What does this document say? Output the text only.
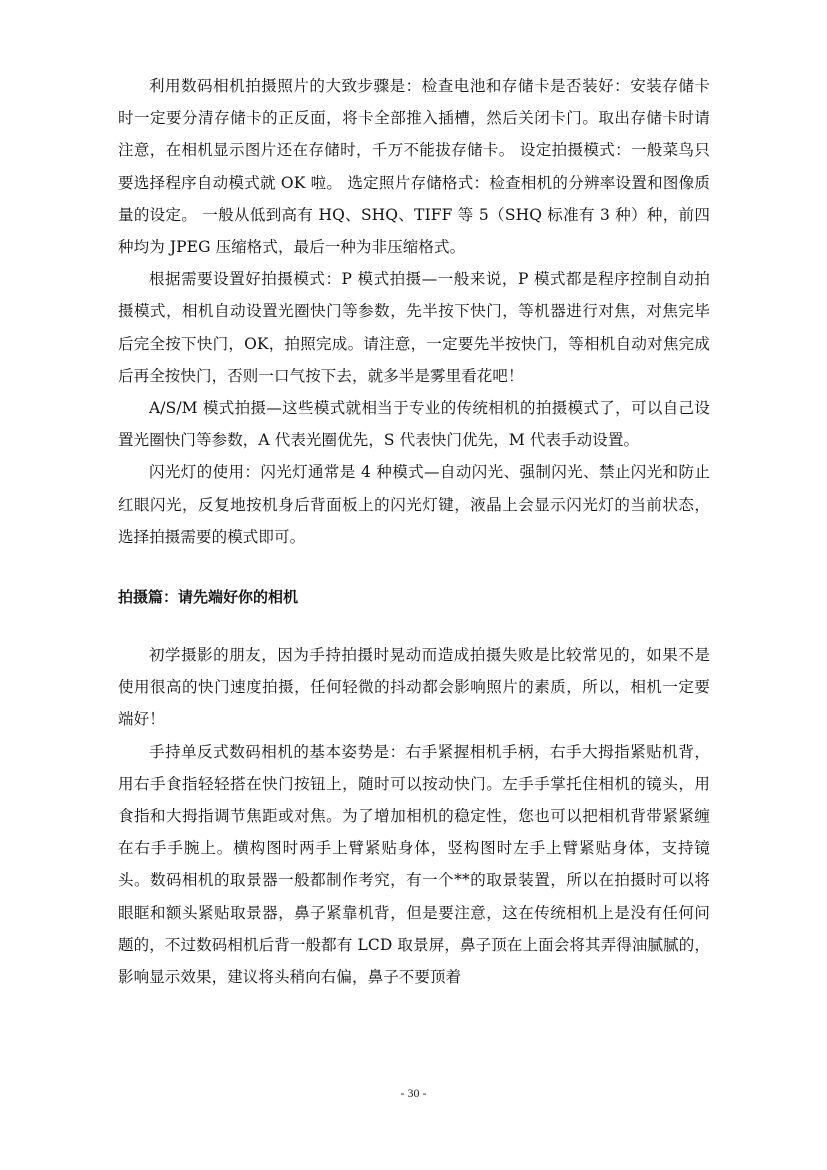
利用数码相机拍摄照片的大致步骤是：检查电池和存储卡是否装好：安装存储卡时一定要分清存储卡的正反面，将卡全部推入插槽，然后关闭卡门。取出存储卡时请注意，在相机显示图片还在存储时，千万不能拔存储卡。 设定拍摄模式：一般菜鸟只要选择程序自动模式就 OK 啦。 选定照片存储格式：检查相机的分辨率设置和图像质量的设定。 一般从低到高有 HQ、SHQ、TIFF 等 5（SHQ 标准有 3 种）种，前四种均为 JPEG 压缩格式，最后一种为非压缩格式。

根据需要设置好拍摄模式：P 模式拍摄—一般来说，P 模式都是程序控制自动拍摄模式，相机自动设置光圈快门等参数，先半按下快门，等机器进行对焦，对焦完毕后完全按下快门，OK，拍照完成。请注意，一定要先半按快门，等相机自动对焦完成后再全按快门，否则一口气按下去，就多半是雾里看花吧！

A/S/M 模式拍摄—这些模式就相当于专业的传统相机的拍摄模式了，可以自己设置光圈快门等参数，A 代表光圈优先，S 代表快门优先，M 代表手动设置。

闪光灯的使用：闪光灯通常是 4 种模式—自动闪光、强制闪光、禁止闪光和防止红眼闪光，反复地按机身后背面板上的闪光灯键，液晶上会显示闪光灯的当前状态，选择拍摄需要的模式即可。

拍摄篇：请先端好你的相机

初学摄影的朋友，因为手持拍摄时晃动而造成拍摄失败是比较常见的，如果不是使用很高的快门速度拍摄，任何轻微的抖动都会影响照片的素质，所以，相机一定要端好！

手持单反式数码相机的基本姿势是：右手紧握相机手柄，右手大拇指紧贴机背，用右手食指轻轻搭在快门按钮上，随时可以按动快门。左手手掌托住相机的镜头，用食指和大拇指调节焦距或对焦。为了增加相机的稳定性，您也可以把相机背带紧紧缠在右手手腕上。横构图时两手上臂紧贴身体，竖构图时左手上臂紧贴身体，支持镜头。数码相机的取景器一般都制作考究，有一个**的取景装置，所以在拍摄时可以将眼眶和额头紧贴取景器，鼻子紧靠机背，但是要注意，这在传统相机上是没有任何问题的，不过数码相机后背一般都有 LCD 取景屏，鼻子顶在上面会将其弄得油腻腻的，影响显示效果，建议将头稍向右偏，鼻子不要顶着

- 30 -
